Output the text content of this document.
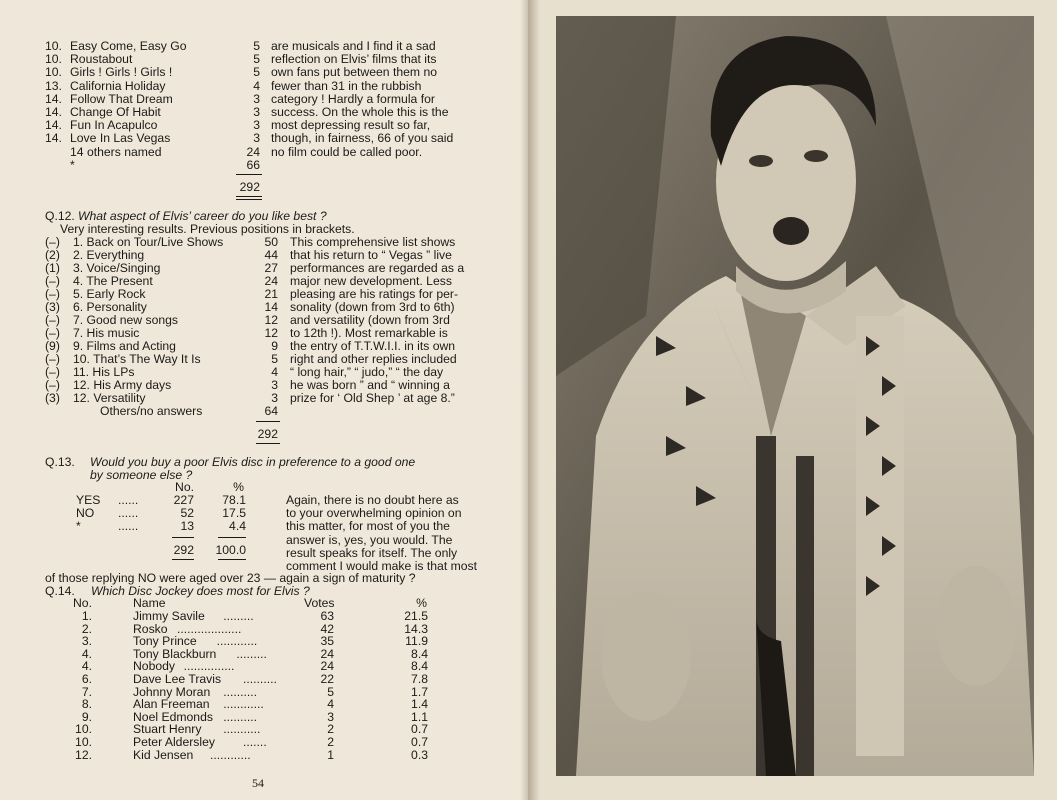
10. Easy Come, Easy Go	5
10. Roustabout	5
10. Girls ! Girls ! Girls !	5
13. California Holiday	4
14. Follow That Dream	3
14. Change Of Habit	3
14. Fun In Acapulco	3
14. Love In Las Vegas	3
14 others named	24
*	66
292
are musicals and I find it a sad
reflection on Elvis’ films that its
own fans put between them no
fewer than 31 in the rubbish
category ! Hardly a formula for
success. On the whole this is the
most depressing result so far,
though, in fairness, 66 of you said
no film could be called poor.
Q.12. What aspect of Elvis’ career do you like best ?
Very interesting results. Previous positions in brackets.
(–) 1. Back on Tour/Live Shows	50
(2) 2. Everything	44
(1) 3. Voice/Singing	27
(–) 4. The Present	24
(–) 5. Early Rock	21
(3) 6. Personality	14
(–) 7. Good new songs	12
(–) 7. His music	12
(9) 9. Films and Acting	9
(–) 10. That’s The Way It Is	5
(–) 11. His LPs	4
(–) 12. His Army days	3
(3) 12. Versatility	3
Others/no answers	64
292
This comprehensive list shows
that his return to “ Vegas ” live
performances are regarded as a
major new development. Less
pleasing are his ratings for per-
sonality (down from 3rd to 6th)
and versatility (down from 3rd
to 12th !). Most remarkable is
the entry of T.T.W.I.I. in its own
right and other replies included
“ long hair,” “ judo,” “ the day
he was born ” and “ winning a
prize for ‘ Old Shep ’ at age 8.”
Q.13. Would you buy a poor Elvis disc in preference to a good one
by someone else ?
No.	%
YES ......	227	78.1
NO ......	52	17.5
*	......	13	4.4
292 100.0
Again, there is no doubt here as
to your overwhelming opinion on
this matter, for most of you the
answer is, yes, you would. The
result speaks for itself. The only
comment I would make is that most
of those replying NO were aged over 23 — again a sign of maturity ?
Q.14. Which Disc Jockey does most for Elvis ?
No.	Name	Votes	%
1.	Jimmy Savile .........	63	21.5
2.	Rosko ...................	42	14.3
3.	Tony Prince ............	35	11.9
4.	Tony Blackburn .........	24	8.4
4.	Nobody ...............	24	8.4
6.	Dave Lee Travis ..........	22	7.8
7.	Johnny Moran ..........	5	1.7
8.	Alan Freeman ............	4	1.4
9.	Noel Edmonds ..........	3	1.1
10.	Stuart Henry ...........	2	0.7
10.	Peter Aldersley .......	2	0.7
12.	Kid Jensen ............	1	0.3
54
